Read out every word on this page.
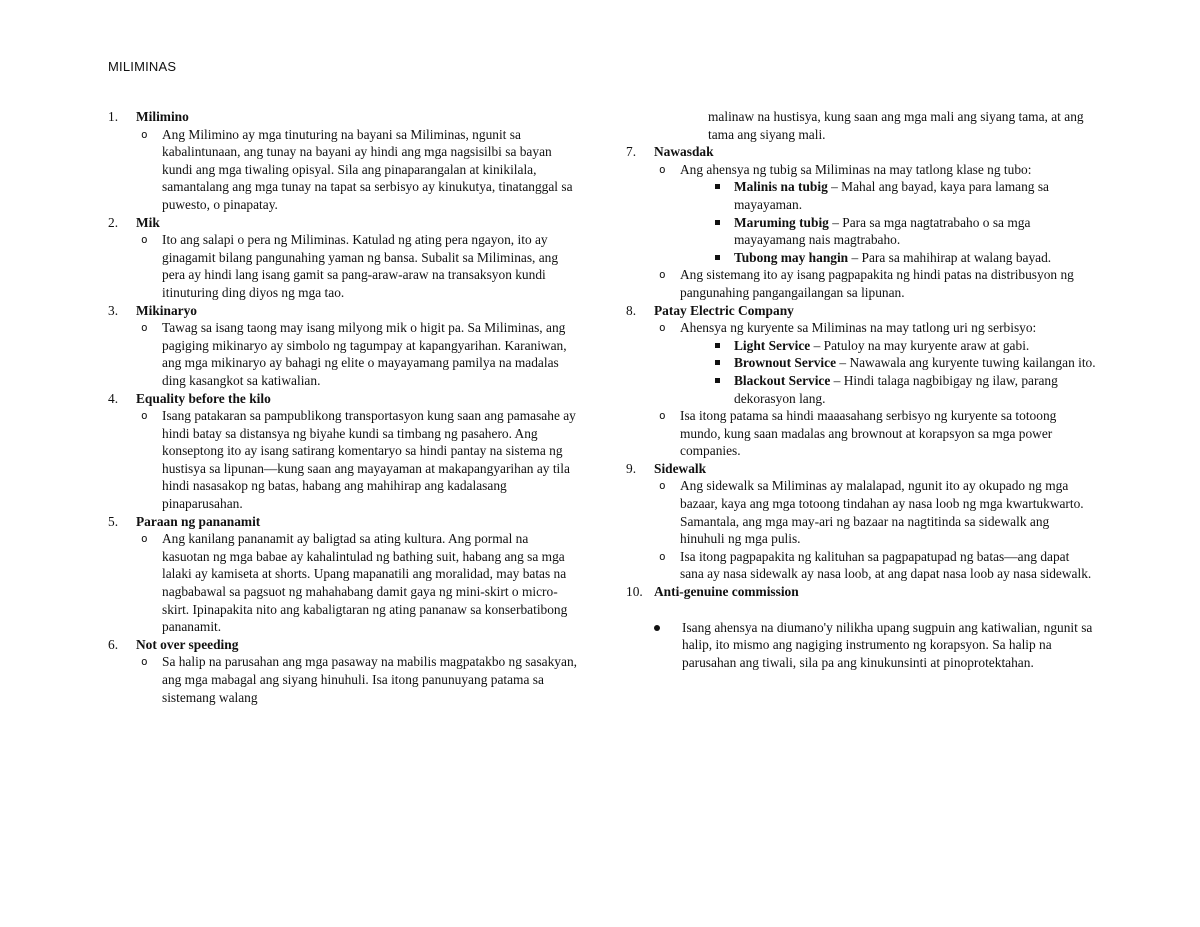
MILIMINAS
1. Milimino
o Ang Milimino ay mga tinuturing na bayani sa Miliminas, ngunit sa kabalintunaan, ang tunay na bayani ay hindi ang mga nagsisilbi sa bayan kundi ang mga tiwaling opisyal. Sila ang pinaparangalan at kinikilala, samantalang ang mga tunay na tapat sa serbisyo ay kinukutya, tinatanggal sa puwesto, o pinapatay.
2. Mik
o Ito ang salapi o pera ng Miliminas. Katulad ng ating pera ngayon, ito ay ginagamit bilang pangunahing yaman ng bansa. Subalit sa Miliminas, ang pera ay hindi lang isang gamit sa pang-araw-araw na transaksyon kundi itinuturing ding diyos ng mga tao.
3. Mikinaryo
o Tawag sa isang taong may isang milyong mik o higit pa. Sa Miliminas, ang pagiging mikinaryo ay simbolo ng tagumpay at kapangyarihan. Karaniwan, ang mga mikinaryo ay bahagi ng elite o mayayamang pamilya na madalas ding kasangkot sa katiwalian.
4. Equality before the kilo
o Isang patakaran sa pampublikong transportasyon kung saan ang pamasahe ay hindi batay sa distansya ng biyahe kundi sa timbang ng pasahero. Ang konseptong ito ay isang satirang komentaryo sa hindi pantay na sistema ng hustisya sa lipunan—kung saan ang mayayaman at makapangyarihan ay tila hindi nasasakop ng batas, habang ang mahihirap ang kadalasang pinaparusahan.
5. Paraan ng pananamit
o Ang kanilang pananamit ay baligtad sa ating kultura. Ang pormal na kasuotan ng mga babae ay kahalintulad ng bathing suit, habang ang sa mga lalaki ay kamiseta at shorts. Upang mapanatili ang moralidad, may batas na nagbabawal sa pagsuot ng mahahabang damit gaya ng mini-skirt o micro-skirt. Ipinapakita nito ang kabaligtaran ng ating pananaw sa konserbatibong pananamit.
6. Not over speeding
o Sa halip na parusahan ang mga pasaway na mabilis magpatakbo ng sasakyan, ang mga mabagal ang siyang hinuhuli. Isa itong panunuyang patama sa sistemang walang
malinaw na hustisya, kung saan ang mga mali ang siyang tama, at ang tama ang siyang mali.
7. Nawasdak
o Ang ahensya ng tubig sa Miliminas na may tatlong klase ng tubo:
Malinis na tubig – Mahal ang bayad, kaya para lamang sa mayayaman.
Maruming tubig – Para sa mga nagtatrabaho o sa mga mayayamang nais magtrabaho.
Tubong may hangin – Para sa mahihirap at walang bayad.
o Ang sistemang ito ay isang pagpapakita ng hindi patas na distribusyon ng pangunahing pangangailangan sa lipunan.
8. Patay Electric Company
o Ahensya ng kuryente sa Miliminas na may tatlong uri ng serbisyo:
Light Service – Patuloy na may kuryente araw at gabi.
Brownout Service – Nawawala ang kuryente tuwing kailangan ito.
Blackout Service – Hindi talaga nagbibigay ng ilaw, parang dekorasyon lang.
o Isa itong patama sa hindi maaasahang serbisyo ng kuryente sa totoong mundo, kung saan madalas ang brownout at korapsyon sa mga power companies.
9. Sidewalk
o Ang sidewalk sa Miliminas ay malalapad, ngunit ito ay okupado ng mga bazaar, kaya ang mga totoong tindahan ay nasa loob ng mga kwartukwarto. Samantala, ang mga may-ari ng bazaar na nagtitinda sa sidewalk ang hinuhuli ng mga pulis.
o Isa itong pagpapakita ng kalituhan sa pagpapatupad ng batas—ang dapat sana ay nasa sidewalk ay nasa loob, at ang dapat nasa loob ay nasa sidewalk.
10. Anti-genuine commission
Isang ahensya na diumano'y nilikha upang sugpuin ang katiwalian, ngunit sa halip, ito mismo ang nagiging instrumento ng korapsyon. Sa halip na parusahan ang tiwali, sila pa ang kinukunsinti at pinoprotektahan.
